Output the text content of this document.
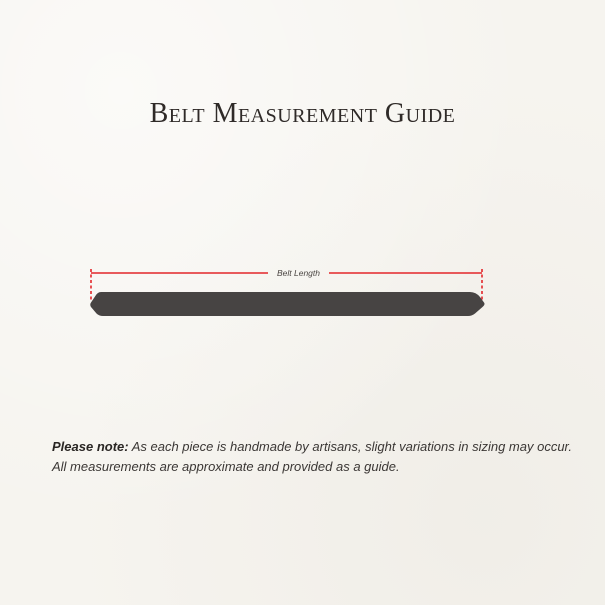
Belt Measurement Guide
Belt Length

Please note: As each piece is handmade by artisans, slight variations in sizing may occur. All measurements are approximate and provided as a guide.
